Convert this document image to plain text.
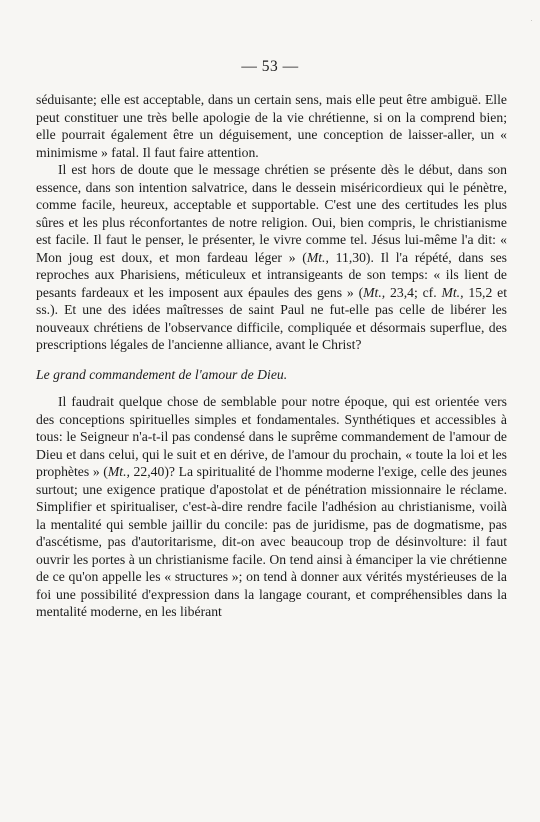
— 53 —

séduisante; elle est acceptable, dans un certain sens, mais elle peut être ambiguë. Elle peut constituer une très belle apologie de la vie chrétienne, si on la comprend bien; elle pourrait également être un déguisement, une conception de laisser-aller, un « minimisme » fatal. Il faut faire attention.

Il est hors de doute que le message chrétien se présente dès le début, dans son essence, dans son intention salvatrice, dans le dessein miséricordieux qui le pénètre, comme facile, heureux, acceptable et supportable. C'est une des certitudes les plus sûres et les plus réconfortantes de notre religion. Oui, bien compris, le christianisme est facile. Il faut le penser, le présenter, le vivre comme tel. Jésus lui-même l'a dit: « Mon joug est doux, et mon fardeau léger » (Mt., 11,30). Il l'a répété, dans ses reproches aux Pharisiens, méticuleux et intransigeants de son temps: « ils lient de pesants fardeaux et les imposent aux épaules des gens » (Mt., 23,4; cf. Mt., 15,2 et ss.). Et une des idées maîtresses de saint Paul ne fut-elle pas celle de libérer les nouveaux chrétiens de l'observance difficile, compliquée et désormais superflue, des prescriptions légales de l'ancienne alliance, avant le Christ?

Le grand commandement de l'amour de Dieu.

Il faudrait quelque chose de semblable pour notre époque, qui est orientée vers des conceptions spirituelles simples et fondamentales. Synthétiques et accessibles à tous: le Seigneur n'a-t-il pas condensé dans le suprême commandement de l'amour de Dieu et dans celui, qui le suit et en dérive, de l'amour du prochain, « toute la loi et les prophètes » (Mt., 22,40)? La spiritualité de l'homme moderne l'exige, celle des jeunes surtout; une exigence pratique d'apostolat et de pénétration missionnaire le réclame. Simplifier et spiritualiser, c'est-à-dire rendre facile l'adhésion au christianisme, voilà la mentalité qui semble jaillir du concile: pas de juridisme, pas de dogmatisme, pas d'ascétisme, pas d'autoritarisme, dit-on avec beaucoup trop de désinvolture: il faut ouvrir les portes à un christianisme facile. On tend ainsi à émanciper la vie chrétienne de ce qu'on appelle les « structures »; on tend à donner aux vérités mystérieuses de la foi une possibilité d'expression dans la langage courant, et compréhensibles dans la mentalité moderne, en les libérant
